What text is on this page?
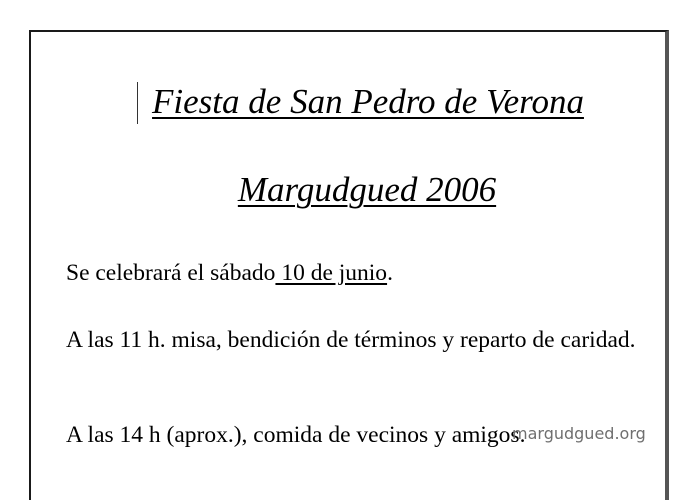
Fiesta de San Pedro de Verona
Margudgued 2006

Se celebrará el sábado 10 de junio.

A las 11 h. misa, bendición de términos y reparto de caridad.

A las 14 h (aprox.), comida de vecinos y amigos.

margudgued.org
